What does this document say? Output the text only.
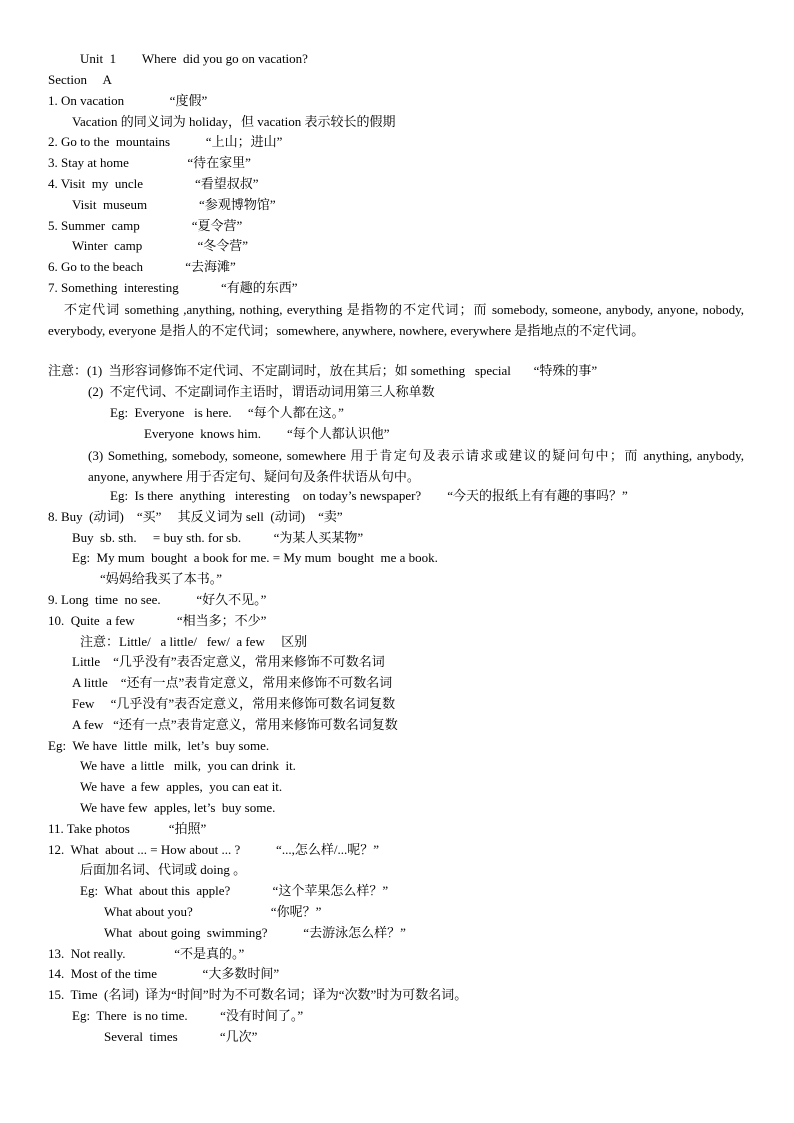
Unit  1        Where  did you go on vacation?
Section     A
1. On vacation              “度假”
Vacation 的同义词为 holiday，但 vacation 表示较长的假期
2. Go to the  mountains           “上山；进山”
3. Stay at home                  “待在家里”
4. Visit  my  uncle                “看望叔叔”
Visit  museum                “参观博物馆”
5. Summer  camp                “夏令营”
Winter  camp                 “冬令营”
6. Go to the beach             “去海滩”
7. Something  interesting             “有趣的东西”
不定代词 something ,anything, nothing, everything 是指物的不定代词；而 somebody, someone, anybody, anyone, nobody, everybody, everyone 是指人的不定代词；somewhere, anywhere, nowhere, everywhere 是指地点的不定代词。
注意：(1)  当形容词修饰不定代词、不定副词时，放在其后；如 something   special       “特殊的事”
(2)  不定代词、不定副词作主语时，谓语动词用第三人称单数
Eg:  Everyone   is here.     “每个人都在这。”
Everyone  knows him.        “每个人都认识他”
(3) Something, somebody, someone, somewhere 用于肯定句及表示请求或建议的疑问句中；而 anything, anybody, anyone, anywhere 用于否定句、疑问句及条件状语从句中。
Eg:  Is there  anything   interesting    on today’s newspaper?        “今天的报纸上有有趣的事吗？”
8. Buy  (动词)    “买”     其反义词为 sell  (动词)    “卖”
Buy  sb. sth.     = buy sth. for sb.          “为某人买某物”
Eg:  My mum  bought  a book for me. = My mum  bought  me a book.
“妈妈给我买了本书。”
9. Long  time  no see.           “好久不见。”
10.  Quite  a few             “相当多；不少”
注意：Little/   a little/   few/  a few     区别
Little    “几乎没有”表否定意义，常用来修饰不可数名词
A little    “还有一点”表肯定意义，常用来修饰不可数名词
Few     “几乎没有”表否定意义，常用来修饰可数名词复数
A few   “还有一点”表肯定意义，常用来修饰可数名词复数
Eg:  We have  little  milk,  let’s  buy some.
We have  a little   milk,  you can drink  it.
We have  a few  apples,  you can eat it.
We have few  apples, let’s  buy some.
11. Take photos            “拍照”
12.  What  about ... = How about ... ?           “...,怎么样/...呢？”
后面加名词、代词或 doing 。
Eg:  What  about this  apple?             “这个苹果怎么样？”
What about you?                        “你呢？”
What  about going  swimming?           “去游泳怎么样？”
13.  Not really.               “不是真的。”
14.  Most of the time              “大多数时间”
15.  Time  (名词)  译为“时间”时为不可数名词；译为“次数”时为可数名词。
Eg:  There  is no time.          “没有时间了。”
Several  times             “几次”
